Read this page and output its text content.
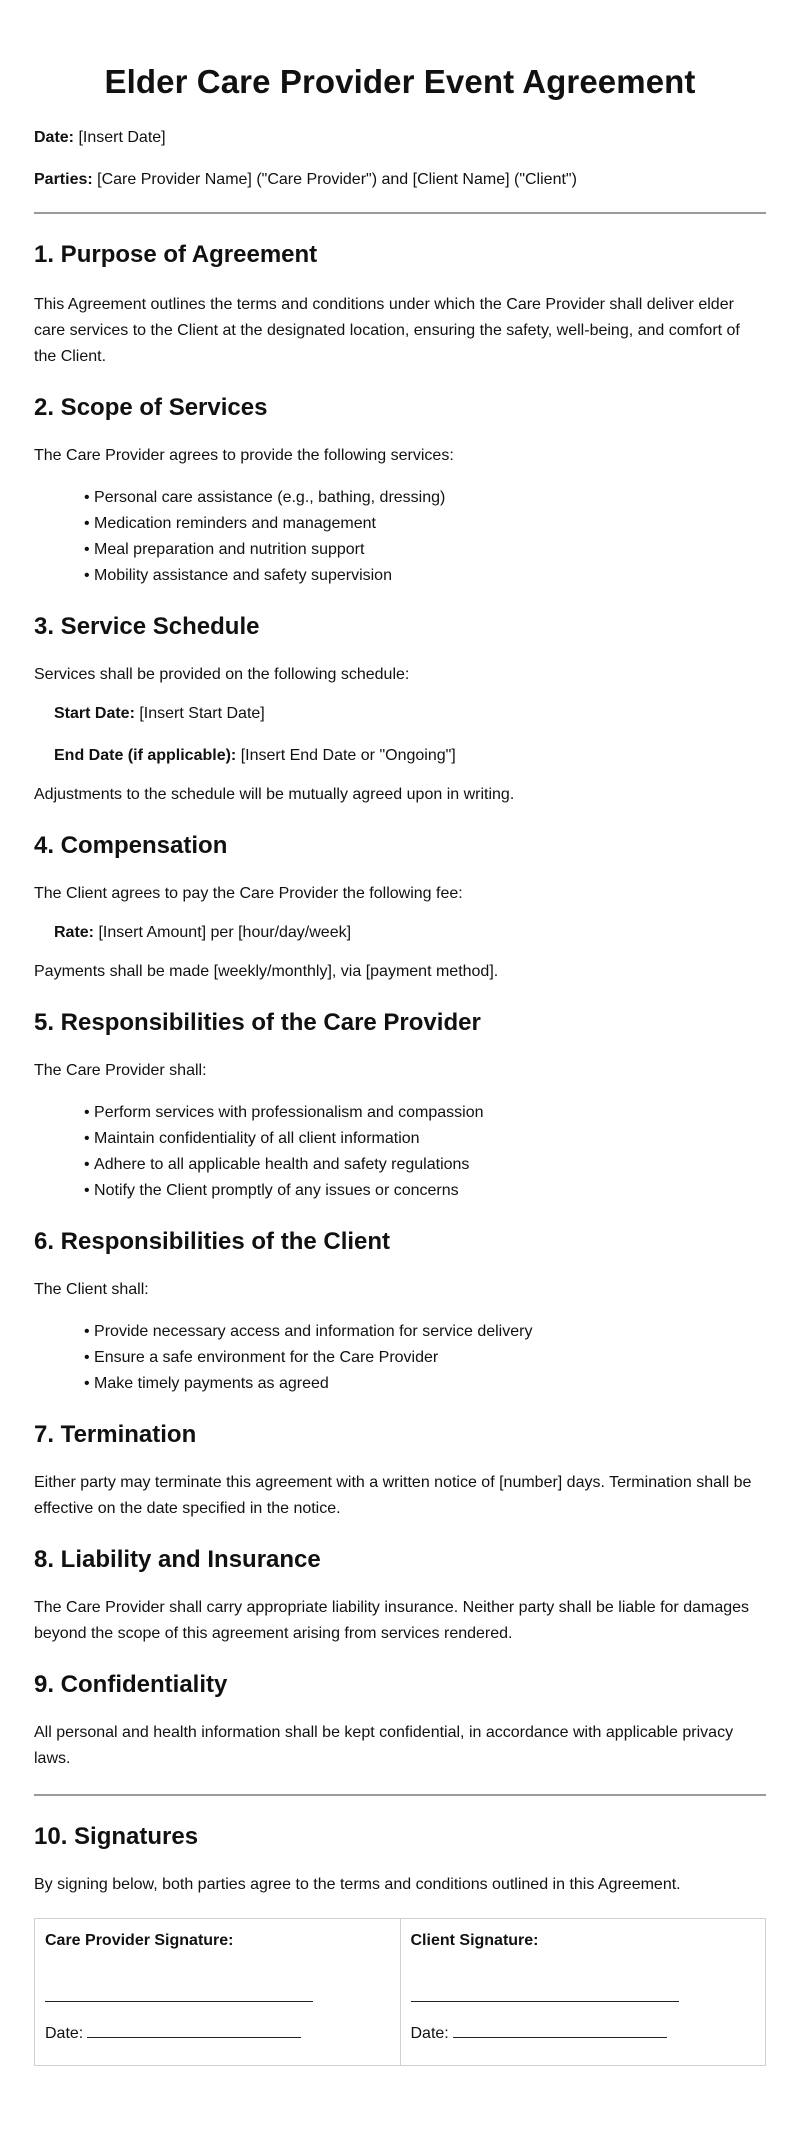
Elder Care Provider Event Agreement

Date: [Insert Date]

Parties: [Care Provider Name] ("Care Provider") and [Client Name] ("Client")

1. Purpose of Agreement

This Agreement outlines the terms and conditions under which the Care Provider shall deliver elder care services to the Client at the designated location, ensuring the safety, well-being, and comfort of the Client.

2. Scope of Services

The Care Provider agrees to provide the following services:

• Personal care assistance (e.g., bathing, dressing)
• Medication reminders and management
• Meal preparation and nutrition support
• Mobility assistance and safety supervision
3. Service Schedule

Services shall be provided on the following schedule:

Start Date: [Insert Start Date]

End Date (if applicable): [Insert End Date or "Ongoing"]

Adjustments to the schedule will be mutually agreed upon in writing.

4. Compensation

The Client agrees to pay the Care Provider the following fee:

Rate: [Insert Amount] per [hour/day/week]

Payments shall be made [weekly/monthly], via [payment method].

5. Responsibilities of the Care Provider

The Care Provider shall:

• Perform services with professionalism and compassion
• Maintain confidentiality of all client information
• Adhere to all applicable health and safety regulations
• Notify the Client promptly of any issues or concerns
6. Responsibilities of the Client

The Client shall:

• Provide necessary access and information for service delivery
• Ensure a safe environment for the Care Provider
• Make timely payments as agreed
7. Termination

Either party may terminate this agreement with a written notice of [number] days. Termination shall be effective on the date specified in the notice.

8. Liability and Insurance

The Care Provider shall carry appropriate liability insurance. Neither party shall be liable for damages beyond the scope of this agreement arising from services rendered.

9. Confidentiality

All personal and health information shall be kept confidential, in accordance with applicable privacy laws.

10. Signatures

By signing below, both parties agree to the terms and conditions outlined in this Agreement.

Care Provider Signature:

Date:

Client Signature:

Date:
